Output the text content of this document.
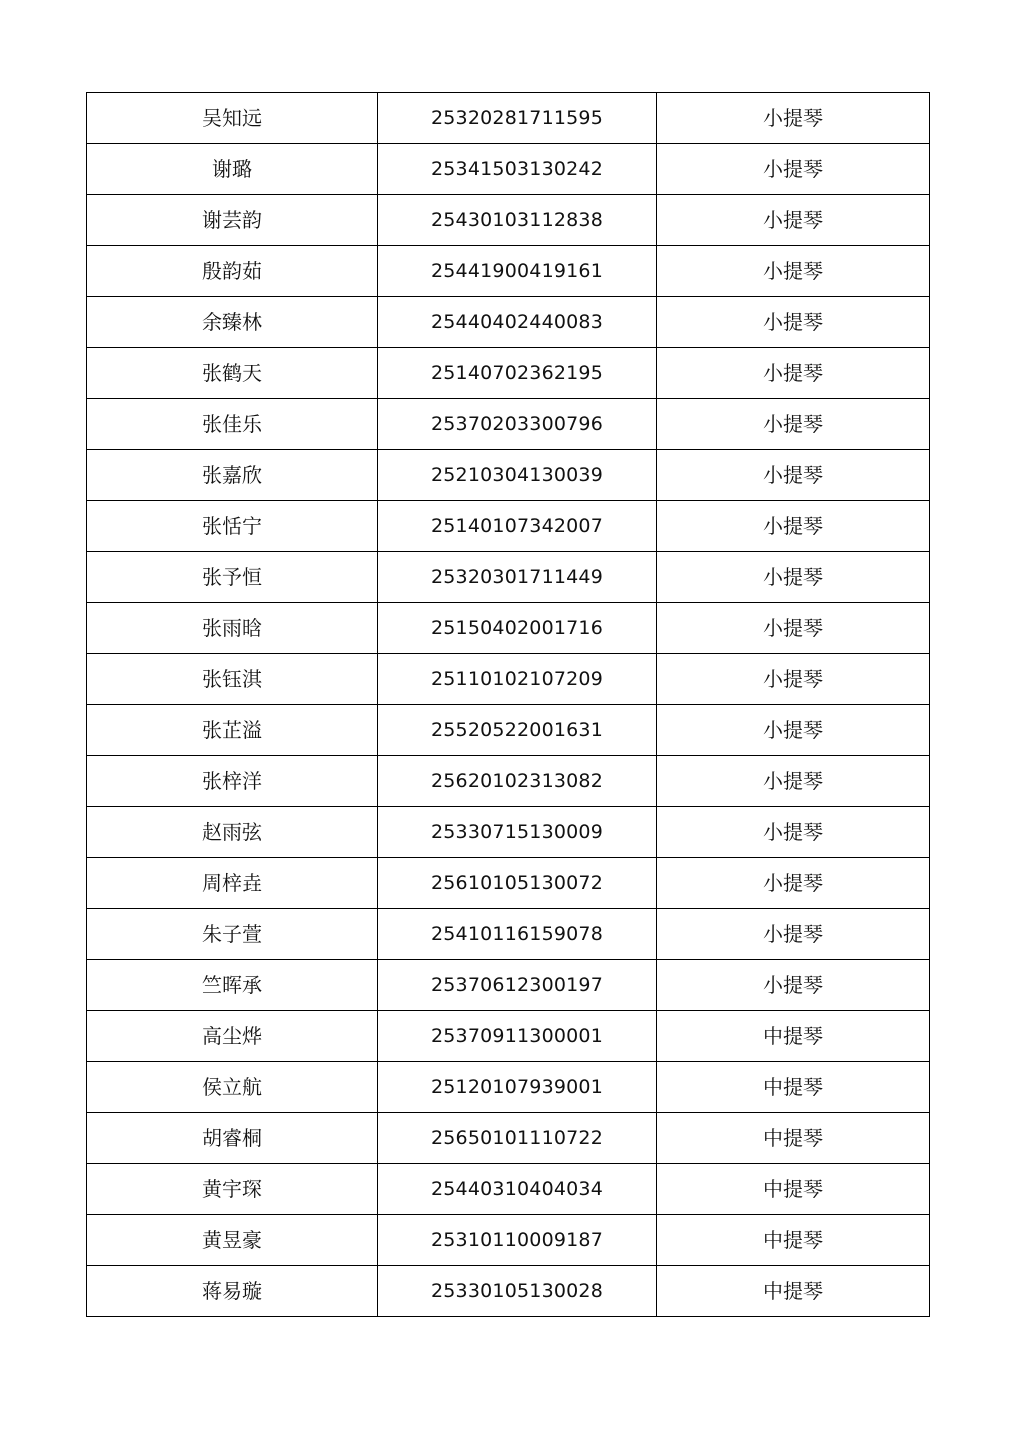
吴知远	25320281711595	小提琴
谢璐	25341503130242	小提琴
谢芸韵	25430103112838	小提琴
殷韵茹	25441900419161	小提琴
余臻林	25440402440083	小提琴
张鹤天	25140702362195	小提琴
张佳乐	25370203300796	小提琴
张嘉欣	25210304130039	小提琴
张恬宁	25140107342007	小提琴
张予恒	25320301711449	小提琴
张雨晗	25150402001716	小提琴
张钰淇	25110102107209	小提琴
张芷溢	25520522001631	小提琴
张梓洋	25620102313082	小提琴
赵雨弦	25330715130009	小提琴
周梓垚	25610105130072	小提琴
朱子萱	25410116159078	小提琴
竺晖承	25370612300197	小提琴
高尘烨	25370911300001	中提琴
侯立航	25120107939001	中提琴
胡睿桐	25650101110722	中提琴
黄宇琛	25440310404034	中提琴
黄昱豪	25310110009187	中提琴
蒋易璇	25330105130028	中提琴
